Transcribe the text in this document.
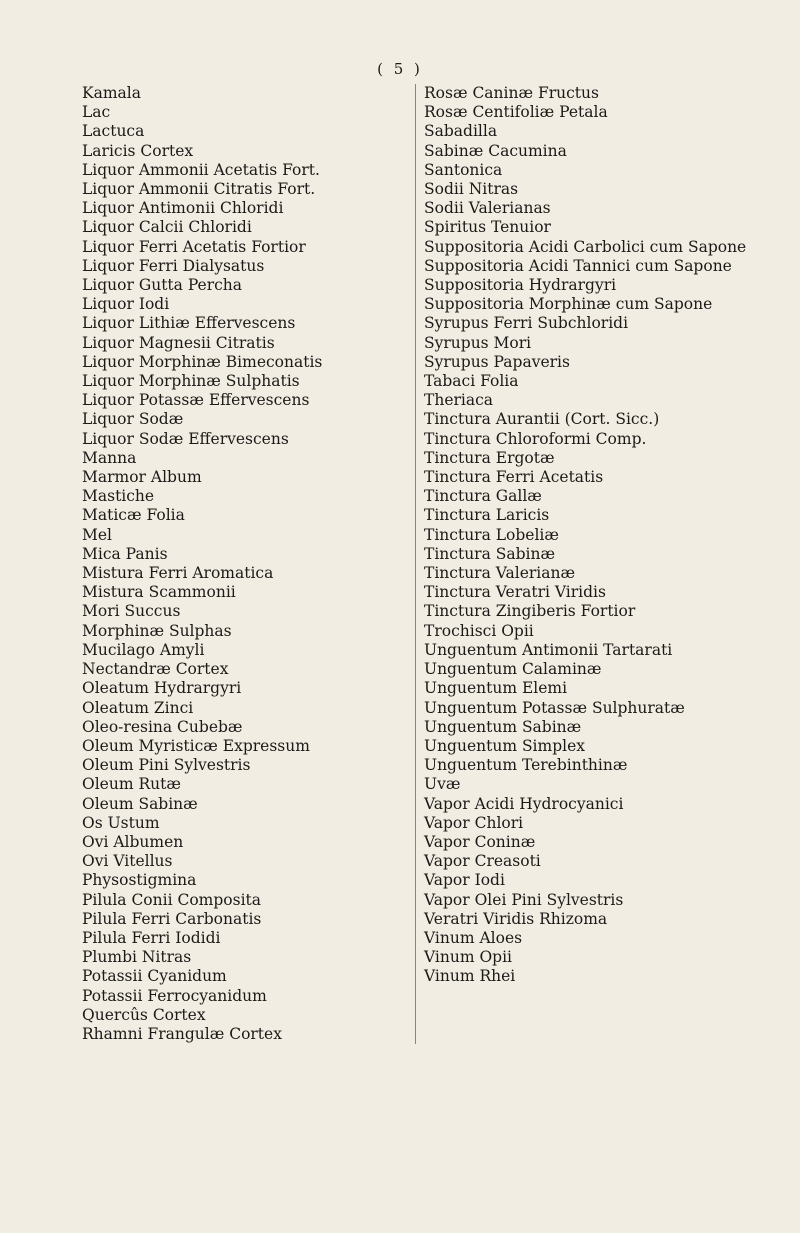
( 5 )
Kamala
Lac
Lactuca
Laricis Cortex
Liquor Ammonii Acetatis Fort.
Liquor Ammonii Citratis Fort.
Liquor Antimonii Chloridi
Liquor Calcii Chloridi
Liquor Ferri Acetatis Fortior
Liquor Ferri Dialysatus
Liquor Gutta Percha
Liquor Iodi
Liquor Lithiæ Effervescens
Liquor Magnesii Citratis
Liquor Morphinæ Bimeconatis
Liquor Morphinæ Sulphatis
Liquor Potassæ Effervescens
Liquor Sodæ
Liquor Sodæ Effervescens
Manna
Marmor Album
Mastiche
Maticæ Folia
Mel
Mica Panis
Mistura Ferri Aromatica
Mistura Scammonii
Mori Succus
Morphinæ Sulphas
Mucilago Amyli
Nectandræ Cortex
Oleatum Hydrargyri
Oleatum Zinci
Oleo-resina Cubebæ
Oleum Myristicæ Expressum
Oleum Pini Sylvestris
Oleum Rutæ
Oleum Sabinæ
Os Ustum
Ovi Albumen
Ovi Vitellus
Physostigmina
Pilula Conii Composita
Pilula Ferri Carbonatis
Pilula Ferri Iodidi
Plumbi Nitras
Potassii Cyanidum
Potassii Ferrocyanidum
Quercûs Cortex
Rhamni Frangulæ Cortex
Rosæ Caninæ Fructus
Rosæ Centifoliæ Petala
Sabadilla
Sabinæ Cacumina
Santonica
Sodii Nitras
Sodii Valerianas
Spiritus Tenuior
Suppositoria Acidi Carbolici cum Sapone
Suppositoria Acidi Tannici cum Sapone
Suppositoria Hydrargyri
Suppositoria Morphinæ cum Sapone
Syrupus Ferri Subchloridi
Syrupus Mori
Syrupus Papaveris
Tabaci Folia
Theriaca
Tinctura Aurantii (Cort. Sicc.)
Tinctura Chloroformi Comp.
Tinctura Ergotæ
Tinctura Ferri Acetatis
Tinctura Gallæ
Tinctura Laricis
Tinctura Lobeliæ
Tinctura Sabinæ
Tinctura Valerianæ
Tinctura Veratri Viridis
Tinctura Zingiberis Fortior
Trochisci Opii
Unguentum Antimonii Tartarati
Unguentum Calaminæ
Unguentum Elemi
Unguentum Potassæ Sulphuratæ
Unguentum Sabinæ
Unguentum Simplex
Unguentum Terebinthinæ
Uvæ
Vapor Acidi Hydrocyanici
Vapor Chlori
Vapor Coninæ
Vapor Creasoti
Vapor Iodi
Vapor Olei Pini Sylvestris
Veratri Viridis Rhizoma
Vinum Aloes
Vinum Opii
Vinum Rhei
